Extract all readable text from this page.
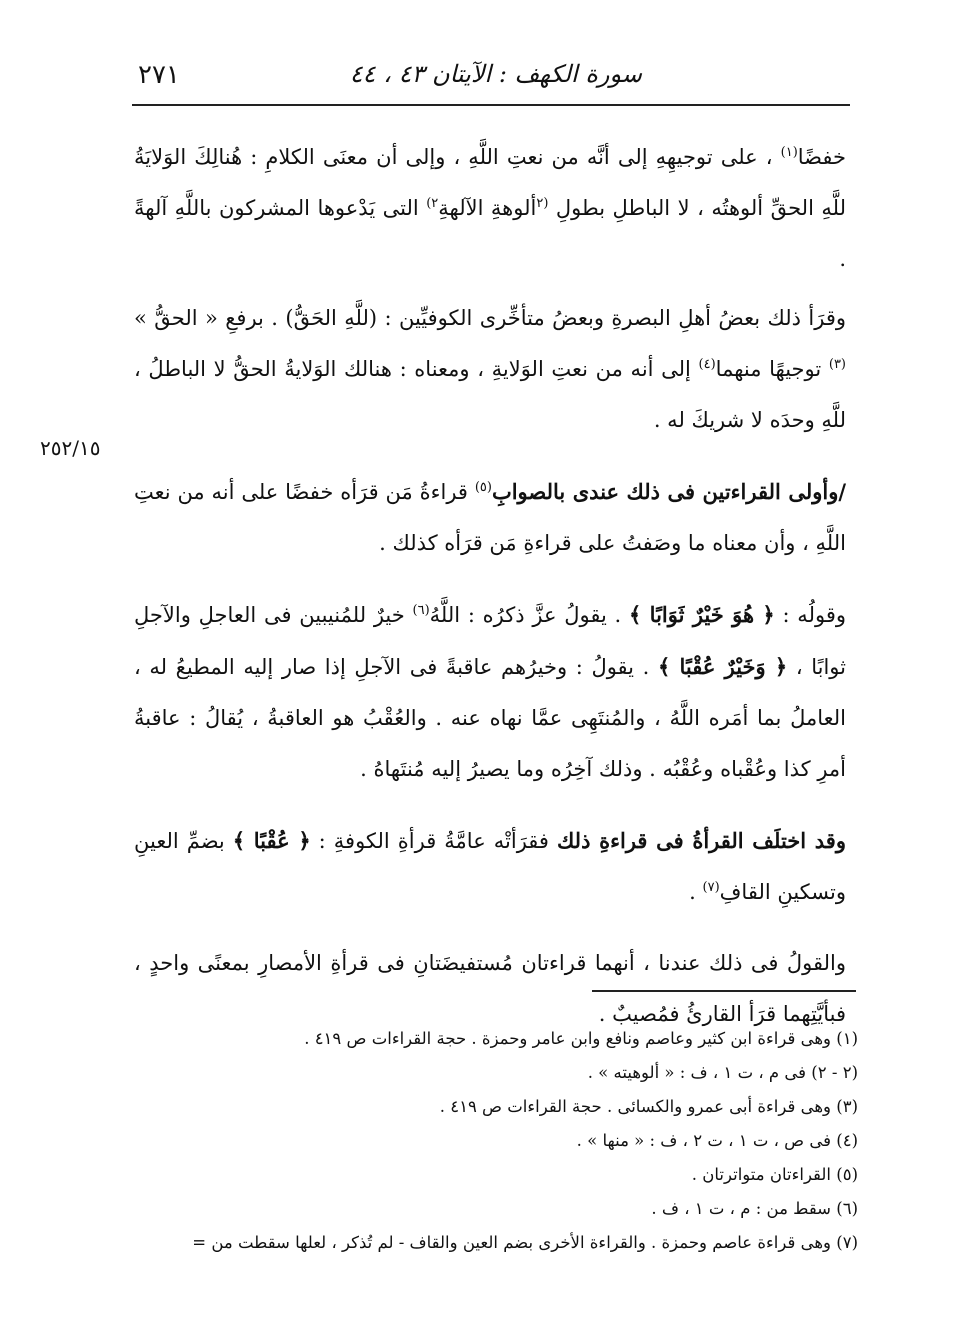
سورة الكهف : الآيتان ٤٣ ، ٤٤
٢٧١
٢٥٢/١٥

خفضًا$^{(١)}$ ، على توجيهِهِ إلى أنَّه من نعتِ اللَّهِ ، وإلى أن معنَى الكلامِ : هُنالِكَ الوَلايَةُ للَّهِ الحقِّ ألوهتُه ، لا الباطلِ بطولِ $^{(٢}$ألوهةِ الآلهةِ$^{٢)}$ التى يَدْعوها المشركون باللَّهِ آلهةً .

وقرَأ ذلك بعضُ أهلِ البصرةِ وبعضُ متأخِّرى الكوفيِّين : (للَّهِ الحَقُّ) . برفعِ « الحقُّ » $^{(٣)}$ توجيهًا منهما$^{(٤)}$ إلى أنه من نعتِ الوَلايةِ ، ومعناه : هنالك الوَلايةُ الحقُّ لا الباطلُ ، للَّهِ وحدَه لا شريكَ له .

/وأولى القراءتين فى ذلك عندى بالصوابِ$^{(٥)}$ قراءةُ مَن قرَأه خفضًا على أنه من نعتِ اللَّهِ ، وأن معناه ما وصَفتُ على قراءةِ مَن قرَأه كذلك .

وقولُه : ﴿ هُوَ خَيْرٌ ثَوَابًا ﴾ . يقولُ عزَّ ذكرُه : اللَّهُ$^{(٦)}$ خيرٌ للمُنيبين فى العاجلِ والآجلِ ثوابًا ، ﴿ وَخَيْرٌ عُقْبًا ﴾ . يقولُ : وخيرُهم عاقبةً فى الآجلِ إذا صار إليه المطيعُ له ، العاملُ بما أمَره اللَّهُ ، والمُنتَهِى عمَّا نهاه عنه . والعُقْبُ هو العاقبةُ ، يُقالُ : عاقبةُ أمرِ كذا وعُقْباه وعُقْبُه . وذلك آخِرُه وما يصيرُ إليه مُنتَهاهُ .

وقد اختلَف القرأةُ فى قراءةِ ذلك فقرَأتْه عامَّةُ قرأةِ الكوفةِ : ﴿ عُقْبًا ﴾ بضمِّ العينِ وتسكينِ القافِ$^{(٧)}$ .

والقولُ فى ذلك عندنا ، أنهما قراءتان مُستفيضَتانِ فى قرأةِ الأمصارِ بمعنًى واحدٍ ، فبأيَّتِهما قرَأ القارئُ فمُصيبٌ .

(١) وهى قراءة ابن كثير وعاصم ونافع وابن عامر وحمزة . حجة القراءات ص ٤١٩ .
(٢ - ٢) فى م ، ت ١ ، ف : « ألوهيته » .
(٣) وهى قراءة أبى عمرو والكسائى . حجة القراءات ص ٤١٩ .
(٤) فى ص ، ت ١ ، ت ٢ ، ف : « منها » .
(٥) القراءتان متواترتان .
(٦) سقط من : م ، ت ١ ، ف .
(٧) وهى قراءة عاصم وحمزة . والقراءة الأخرى بضم العين والقاف - لم تُذكر ، لعلها سقطت من =
